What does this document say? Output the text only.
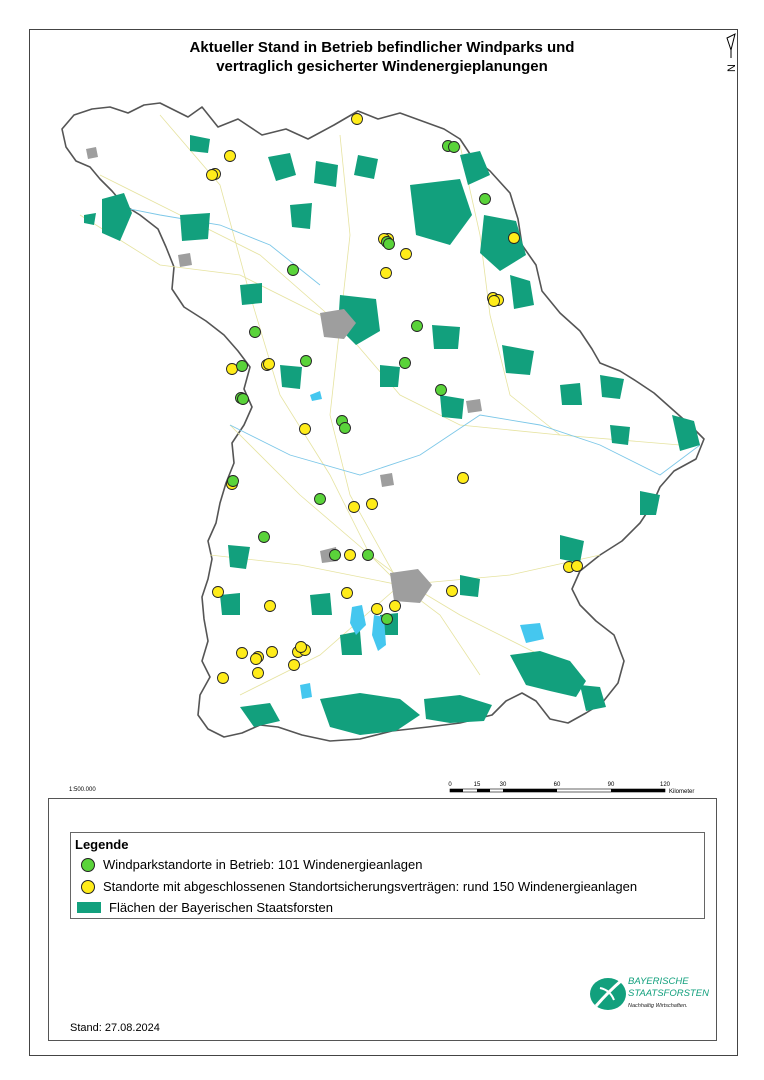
Aktueller Stand in Betrieb befindlicher Windparks und
vertraglich gesicherter Windenergieplanungen	N
1:500.000
0	15	30	60	90	120
Kilometer
Legende
Windparkstandorte in Betrieb: 101 Windenergieanlagen
Standorte mit abgeschlossenen Standortsicherungsverträgen: rund 150 Windenergieanlagen
Flächen der Bayerischen Staatsforsten
Stand: 27.08.2024
BAYERISCHE
STAATSFORSTEN
Nachhaltig Wirtschaften.
